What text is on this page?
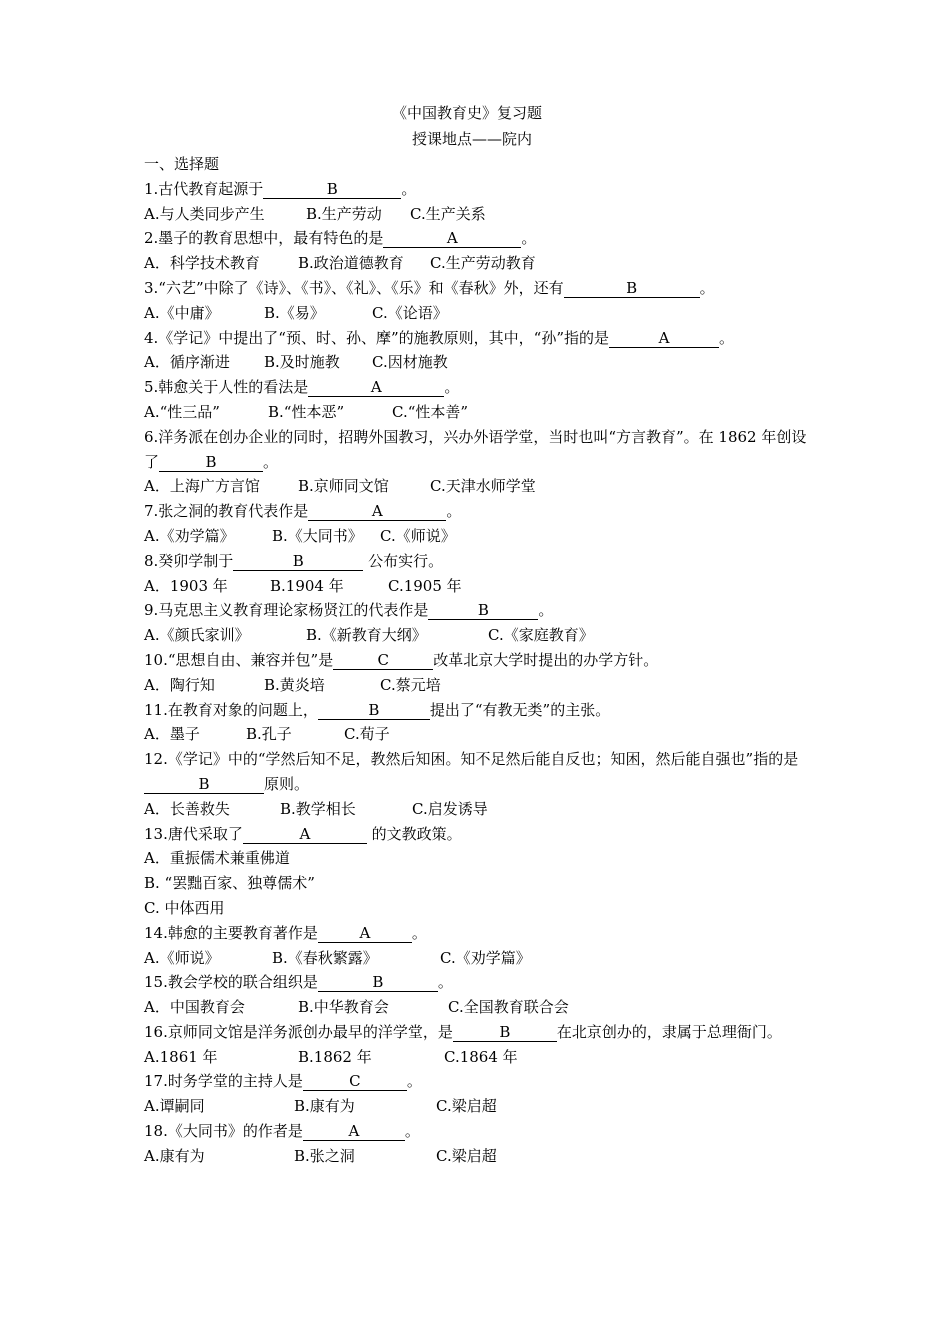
《中国教育史》复习题
授课地点——院内
一、选择题
1.古代教育起源于	B	。
A.与人类同步产生	B.生产劳动 C.生产关系
2.墨子的教育思想中，最有特色的是	A	。
A．科学技术教育	B.政治道德教育 C.生产劳动教育
3.“六艺”中除了《诗》、《书》、《礼》、《乐》和《春秋》外，还有	B	。
A.《中庸》	B.《易》	C.《论语》
4.《学记》中提出了“预、时、孙、摩”的施教原则，其中，“孙”指的是	A	。
A．循序渐进 B.及时施教 C.因材施教
5.韩愈关于人性的看法是	A	。
A.“性三品”	B.“性本恶”	C.“性本善”
6.洋务派在创办企业的同时，招聘外国教习，兴办外语学堂，当时也叫“方言教育”。在 1862 年创设了	B	。
A．上海广方言馆	B.京师同文馆	C.天津水师学堂
7.张之洞的教育代表作是	A	。
A.《劝学篇》 B.《大同书》 C.《师说》
8.癸卯学制于	B	公布实行。
A．1903 年	B.1904 年	C.1905 年
9.马克思主义教育理论家杨贤江的代表作是	B	。
A.《颜氏家训》	B.《新教育大纲》	C.《家庭教育》
10.“思想自由、兼容并包”是	C	改革北京大学时提出的办学方针。
A．陶行知	B.黄炎培	C.蔡元培
11.在教育对象的问题上，	B	提出了“有教无类”的主张。
A．墨子	B.孔子	C.荀子
12.《学记》中的“学然后知不足，教然后知困。知不足然后能自反也；知困，然后能自强也”指的是B	原则。
A．长善救失	B.教学相长	C.启发诱导
13.唐代采取了	A	的文教政策。
A．重振儒术兼重佛道
B. “罢黜百家、独尊儒术”
C. 中体西用
14.韩愈的主要教育著作是	A	。
A.《师说》	B.《春秋繁露》	C.《劝学篇》
15.教会学校的联合组织是	B	。
A．中国教育会	B.中华教育会	C.全国教育联合会
16.京师同文馆是洋务派创办最早的洋学堂，是	B	在北京创办的，隶属于总理衙门。
A.1861 年	B.1862 年	C.1864 年
17.时务学堂的主持人是	C	。
A.谭嗣同	B.康有为	C.梁启超
18.《大同书》的作者是	A	。
A.康有为	B.张之洞	C.梁启超
